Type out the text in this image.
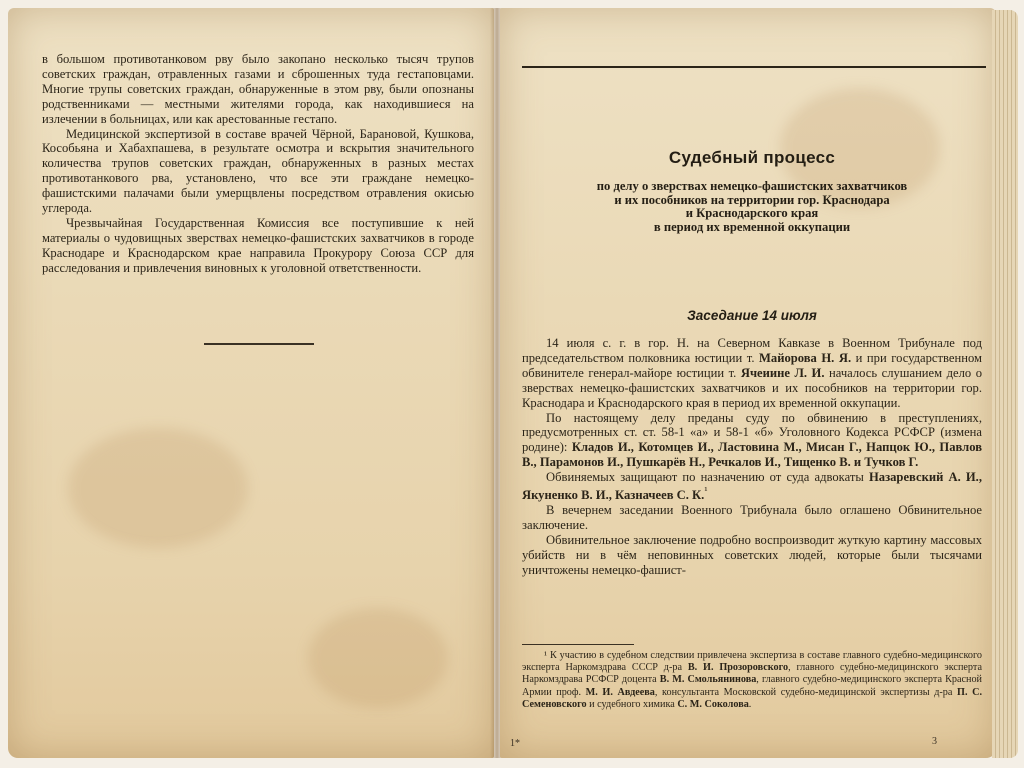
в большом противотанковом рву было закопано несколько тысяч трупов советских граждан, отравленных газами и сброшенных туда гестаповцами. Многие трупы советских граждан, обнаруженные в этом рву, были опознаны родственниками — местными жителями города, как находившиеся на излечении в больницах, или как арестованные гестапо.

Медицинской экспертизой в составе врачей Чёрной, Барановой, Кушкова, Кособьяна и Хабахпашева, в результате осмотра и вскрытия значительного количества трупов советских граждан, обнаруженных в разных местах противотанкового рва, установлено, что все эти граждане немецко-фашистскими палачами были умерщвлены посредством отравления окисью углерода.

Чрезвычайная Государственная Комиссия все поступившие к ней материалы о чудовищных зверствах немецко-фашистских захватчиков в городе Краснодаре и Краснодарском крае направила Прокурору Союза ССР для расследования и привлечения виновных к уголовной ответственности.

Судебный процесс
по делу о зверствах немецко-фашистских захватчиков
и их пособников на территории гор. Краснодара
и Краснодарского края
в период их временной оккупации
Заседание 14 июля

14 июля с. г. в гор. Н. на Северном Кавказе в Военном Трибунале под председательством полковника юстиции т. Майорова Н. Я. и при государственном обвинителе генерал-майоре юстиции т. Ячеиине Л. И. началось слушанием дело о зверствах немецко-фашистских захватчиков и их пособников на территории гор. Краснодара и Краснодарского края в период их временной оккупации.

По настоящему делу преданы суду по обвинению в преступлениях, предусмотренных ст. ст. 58-1 «а» и 58-1 «б» Уголовного Кодекса РСФСР (измена родине): Кладов И., Котомцев И., Ластовина М., Мисан Г., Напцок Ю., Павлов В., Парамонов И., Пушкарёв Н., Речкалов И., Тищенко В. и Тучков Г.

Обвиняемых защищают по назначению от суда адвокаты Назаревский А. И., Якуненко В. И., Казначеев С. К.$^{^1}$

В вечернем заседании Военного Трибунала было оглашено Обвинительное заключение.

Обвинительное заключение подробно воспроизводит жуткую картину массовых убийств ни в чём неповинных советских людей, которые были тысячами уничтожены немецко-фашист-

¹ К участию в судебном следствии привлечена экспертиза в составе главного судебно-медицинского эксперта Наркомздрава СССР д-ра В. И. Прозоровского, главного судебно-медицинского эксперта Наркомздрава РСФСР доцента В. М. Смольянинова, главного судебно-медицинского эксперта Красной Армии проф. М. И. Авдеева, консультанта Московской судебно-медицинской экспертизы д-ра П. С. Семеновского и судебного химика С. М. Соколова.

1*	3
